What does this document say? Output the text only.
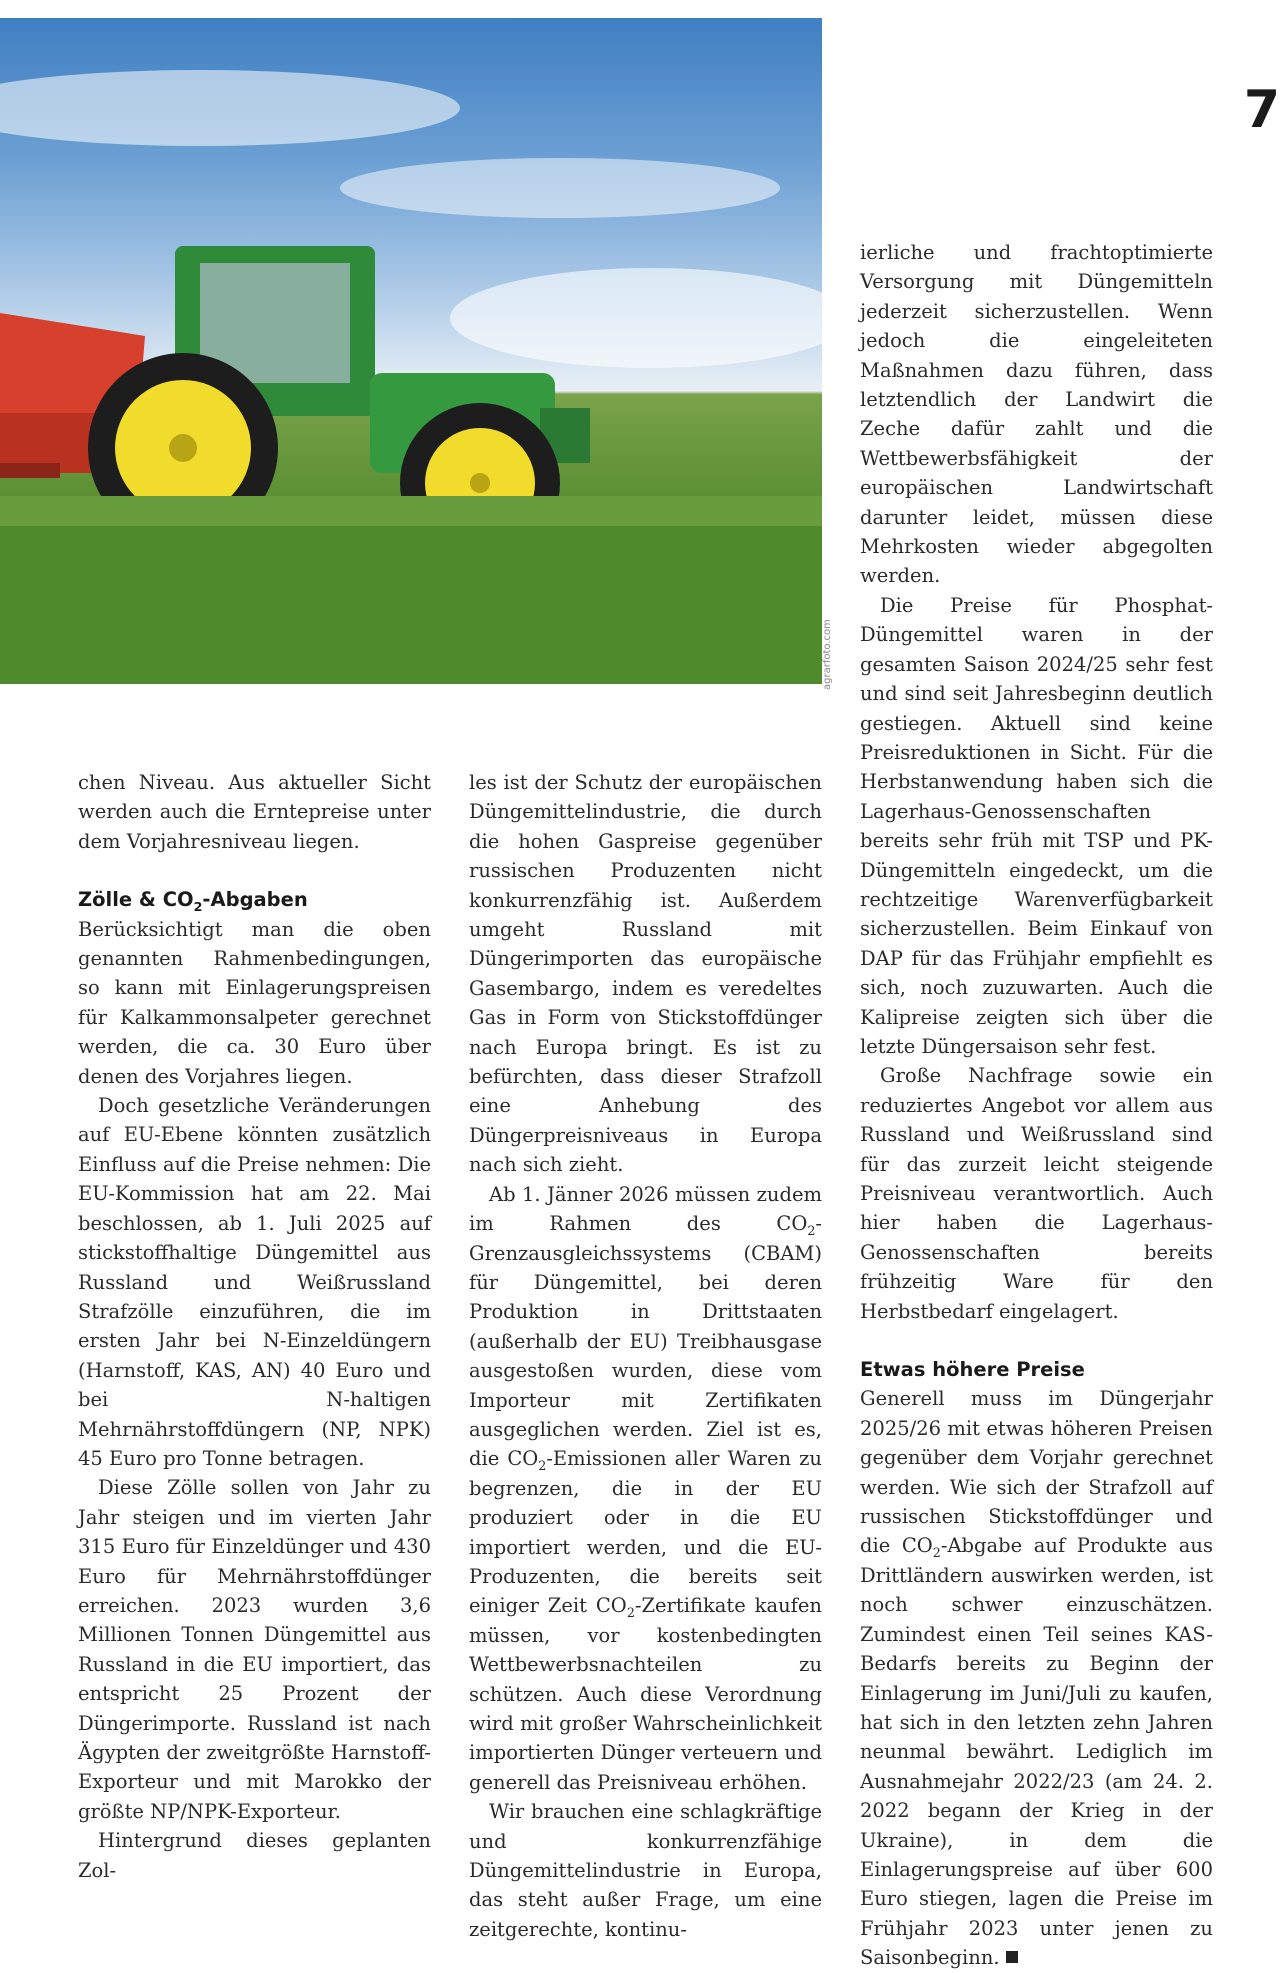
agrarfoto.com
7

chen Niveau. Aus aktueller Sicht werden auch die Erntepreise unter dem Vorjahresniveau liegen.

Zölle & $CO_2$-Abgaben

Berücksichtigt man die oben genannten Rahmenbedingungen, so kann mit Einlagerungspreisen für Kalkammonsalpeter gerechnet werden, die ca. 30 Euro über denen des Vorjahres liegen.

Doch gesetzliche Veränderungen auf EU-Ebene könnten zusätzlich Einfluss auf die Preise nehmen: Die EU-Kommission hat am 22. Mai beschlossen, ab 1. Juli 2025 auf stickstoffhaltige Düngemittel aus Russland und Weißrussland Strafzölle einzuführen, die im ersten Jahr bei N-Einzeldüngern (Harnstoff, KAS, AN) 40 Euro und bei N-haltigen Mehrnährstoffdüngern (NP, NPK) 45 Euro pro Tonne betragen.

Diese Zölle sollen von Jahr zu Jahr steigen und im vierten Jahr 315 Euro für Einzeldünger und 430 Euro für Mehrnährstoffdünger erreichen. 2023 wurden 3,6 Millionen Tonnen Düngemittel aus Russland in die EU importiert, das entspricht 25 Prozent der Düngerimporte. Russland ist nach Ägypten der zweitgrößte Harnstoff-Exporteur und mit Marokko der größte NP/NPK-Exporteur.

Hintergrund dieses geplanten Zol-

les ist der Schutz der europäischen Düngemittelindustrie, die durch die hohen Gaspreise gegenüber russischen Produzenten nicht konkurrenzfähig ist. Außerdem umgeht Russland mit Düngerimporten das europäische Gasembargo, indem es veredeltes Gas in Form von Stickstoffdünger nach Europa bringt. Es ist zu befürchten, dass dieser Strafzoll eine Anhebung des Düngerpreisniveaus in Europa nach sich zieht.

Ab 1. Jänner 2026 müssen zudem im Rahmen des $CO_2$-Grenzausgleichssystems (CBAM) für Düngemittel, bei deren Produktion in Drittstaaten (außerhalb der EU) Treibhausgase ausgestoßen wurden, diese vom Importeur mit Zertifikaten ausgeglichen werden. Ziel ist es, die $CO_2$-Emissionen aller Waren zu begrenzen, die in der EU produziert oder in die EU importiert werden, und die EU-Produzenten, die bereits seit einiger Zeit $CO_2$-Zertifikate kaufen müssen, vor kostenbedingten Wettbewerbsnachteilen zu schützen. Auch diese Verordnung wird mit großer Wahrscheinlichkeit importierten Dünger verteuern und generell das Preisniveau erhöhen.

Wir brauchen eine schlagkräftige und konkurrenzfähige Düngemittelindustrie in Europa, das steht außer Frage, um eine zeitgerechte, kontinu-

ierliche und frachtoptimierte Versorgung mit Düngemitteln jederzeit sicherzustellen. Wenn jedoch die eingeleiteten Maßnahmen dazu führen, dass letztendlich der Landwirt die Zeche dafür zahlt und die Wettbewerbsfähigkeit der europäischen Landwirtschaft darunter leidet, müssen diese Mehrkosten wieder abgegolten werden.

Die Preise für Phosphat-Düngemittel waren in der gesamten Saison 2024/25 sehr fest und sind seit Jahresbeginn deutlich gestiegen. Aktuell sind keine Preisreduktionen in Sicht. Für die Herbstanwendung haben sich die Lagerhaus-Genossenschaften bereits sehr früh mit TSP und PK-Düngemitteln eingedeckt, um die rechtzeitige Warenverfügbarkeit sicherzustellen. Beim Einkauf von DAP für das Frühjahr empfiehlt es sich, noch zuzuwarten. Auch die Kalipreise zeigten sich über die letzte Düngersaison sehr fest.

Große Nachfrage sowie ein reduziertes Angebot vor allem aus Russland und Weißrussland sind für das zurzeit leicht steigende Preisniveau verantwortlich. Auch hier haben die Lagerhaus-Genossenschaften bereits frühzeitig Ware für den Herbstbedarf eingelagert.

Etwas höhere Preise

Generell muss im Düngerjahr 2025/26 mit etwas höheren Preisen gegenüber dem Vorjahr gerechnet werden. Wie sich der Strafzoll auf russischen Stickstoffdünger und die $CO_2$-Abgabe auf Produkte aus Drittländern auswirken werden, ist noch schwer einzuschätzen. Zumindest einen Teil seines KAS-Bedarfs bereits zu Beginn der Einlagerung im Juni/Juli zu kaufen, hat sich in den letzten zehn Jahren neunmal bewährt. Lediglich im Ausnahmejahr 2022/23 (am 24. 2. 2022 begann der Krieg in der Ukraine), in dem die Einlagerungspreise auf über 600 Euro stiegen, lagen die Preise im Frühjahr 2023 unter jenen zu Saisonbeginn.
